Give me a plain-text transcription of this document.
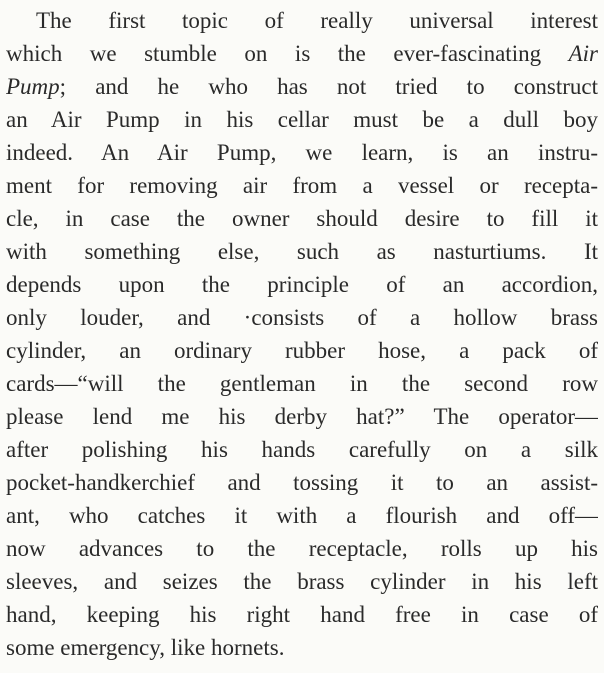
The first topic of really universal interest
which we stumble on is the ever-fascinating Air
Pump; and he who has not tried to construct
an Air Pump in his cellar must be a dull boy
indeed. An Air Pump, we learn, is an instru-
ment for removing air from a vessel or recepta-
cle, in case the owner should desire to fill it
with something else, such as nasturtiums. It
depends upon the principle of an accordion,
only louder, and ·consists of a hollow brass
cylinder, an ordinary rubber hose, a pack of
cards—“will the gentleman in the second row
please lend me his derby hat?” The operator—
after polishing his hands carefully on a silk
pocket-handkerchief and tossing it to an assist-
ant, who catches it with a flourish and off—
now advances to the receptacle, rolls up his
sleeves, and seizes the brass cylinder in his left
hand, keeping his right hand free in case of
some emergency, like hornets.
